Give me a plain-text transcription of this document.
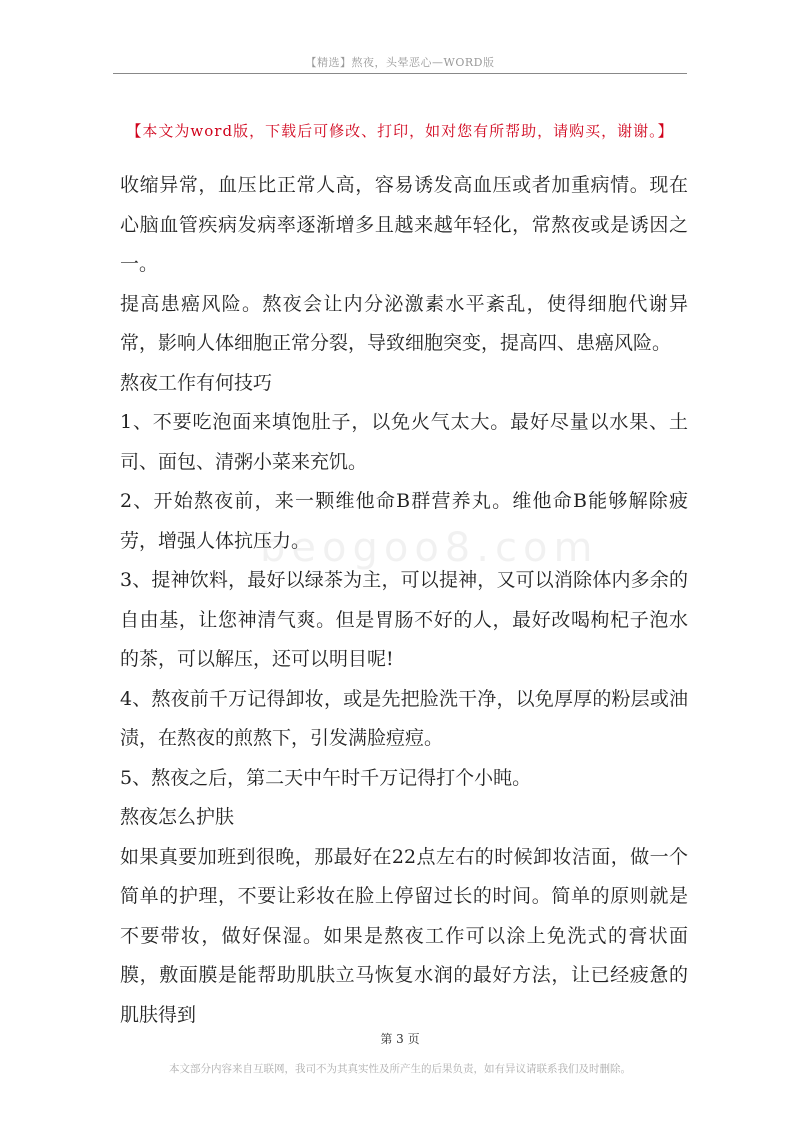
【精选】熬夜，头晕恶心—WORD版
【本文为word版，下载后可修改、打印，如对您有所帮助，请购买，谢谢。】
beogoo8.com

收缩异常，血压比正常人高，容易诱发高血压或者加重病情。现在心脑血管疾病发病率逐渐增多且越来越年轻化，常熬夜或是诱因之一。

提高患癌风险。熬夜会让内分泌激素水平紊乱，使得细胞代谢异常，影响人体细胞正常分裂，导致细胞突变，提高四、患癌风险。

熬夜工作有何技巧

1、不要吃泡面来填饱肚子，以免火气太大。最好尽量以水果、土司、面包、清粥小菜来充饥。

2、开始熬夜前，来一颗维他命B群营养丸。维他命B能够解除疲劳，增强人体抗压力。

3、提神饮料，最好以绿茶为主，可以提神，又可以消除体内多余的自由基，让您神清气爽。但是胃肠不好的人，最好改喝枸杞子泡水的茶，可以解压，还可以明目呢!

4、熬夜前千万记得卸妆，或是先把脸洗干净，以免厚厚的粉层或油渍，在熬夜的煎熬下，引发满脸痘痘。

5、熬夜之后，第二天中午时千万记得打个小盹。

熬夜怎么护肤

如果真要加班到很晚，那最好在22点左右的时候卸妆洁面，做一个简单的护理，不要让彩妆在脸上停留过长的时间。简单的原则就是不要带妆，做好保湿。如果是熬夜工作可以涂上免洗式的膏状面膜，敷面膜是能帮助肌肤立马恢复水润的最好方法，让已经疲惫的肌肤得到

第 3 页
本文部分内容来自互联网，我司不为其真实性及所产生的后果负责，如有异议请联系我们及时删除。
